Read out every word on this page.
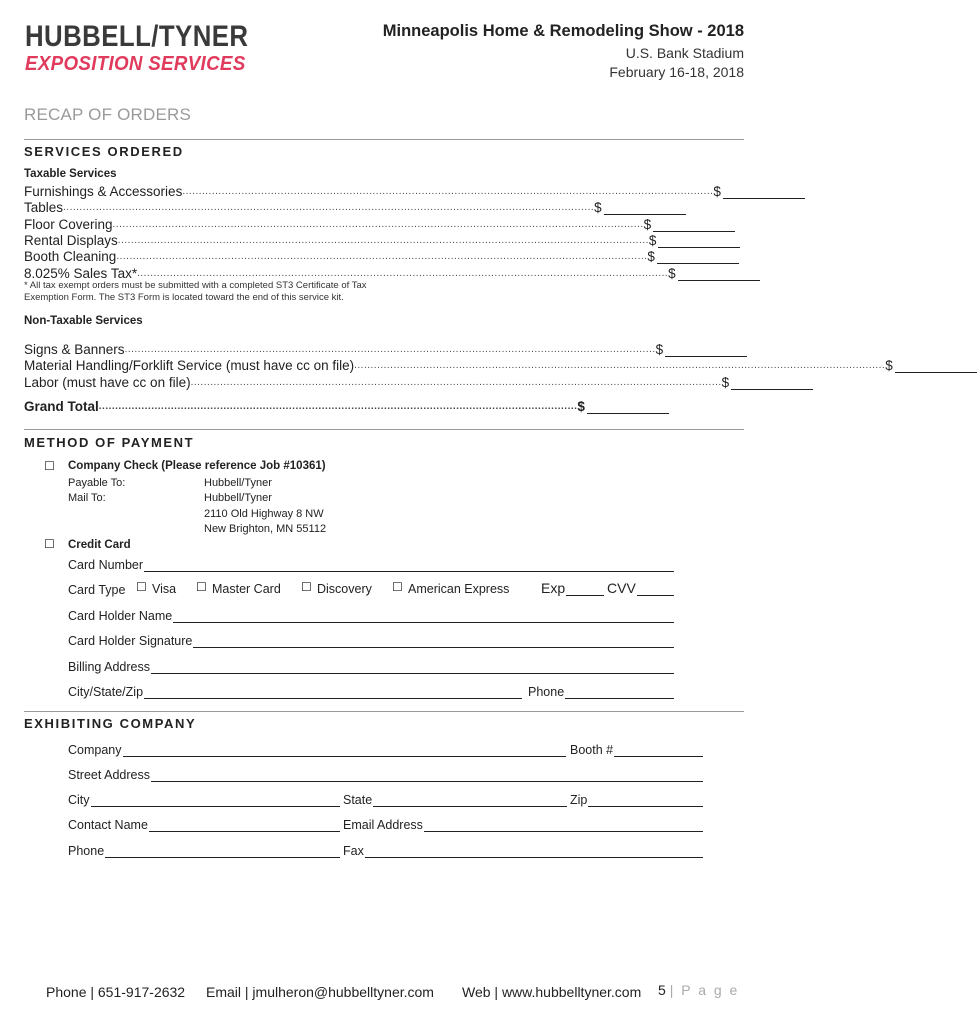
HUBBELL/TYNER
EXPOSITION SERVICES
Minneapolis Home & Remodeling Show - 2018
U.S. Bank Stadium
February 16-18, 2018
RECAP OF ORDERS
SERVICES ORDERED
Taxable Services
Furnishings & Accessories .................................................................................................................................................................. $
Tables .................................................................................................................................................................. $
Floor Covering .................................................................................................................................................................. $
Rental Displays .................................................................................................................................................................. $
Booth Cleaning .................................................................................................................................................................. $
8.025% Sales Tax* .................................................................................................................................................................. $
* All tax exempt orders must be submitted with a completed ST3 Certificate of Tax
Exemption Form. The ST3 Form is located toward the end of this service kit.
Non-Taxable Services
Signs & Banners .................................................................................................................................................................. $
Material Handling/Forklift Service (must have cc on file) .................................................................................................................................................................. $
Labor (must have cc on file) .................................................................................................................................................................. $
Grand Total .................................................................................................................................................. $
METHOD OF PAYMENT
☐ Company Check (Please reference Job #10361)
Payable To:	Hubbell/Tyner
Mail To:	Hubbell/Tyner
2110 Old Highway 8 NW
New Brighton, MN 55112
☐ Credit Card
Card Number
Card Type ☐ Visa ☐ Master Card ☐ Discovery ☐ American Express Exp	CVV
Card Holder Name
Card Holder Signature
Billing Address
City/State/Zip	Phone
EXHIBITING COMPANY
Company	Booth #
Street Address
City	State	Zip
Contact Name	Email Address
Phone	Fax
Phone | 651-917-2632 Email | jmulheron@hubbelltyner.com Web | www.hubbelltyner.com 5 | P a g e
